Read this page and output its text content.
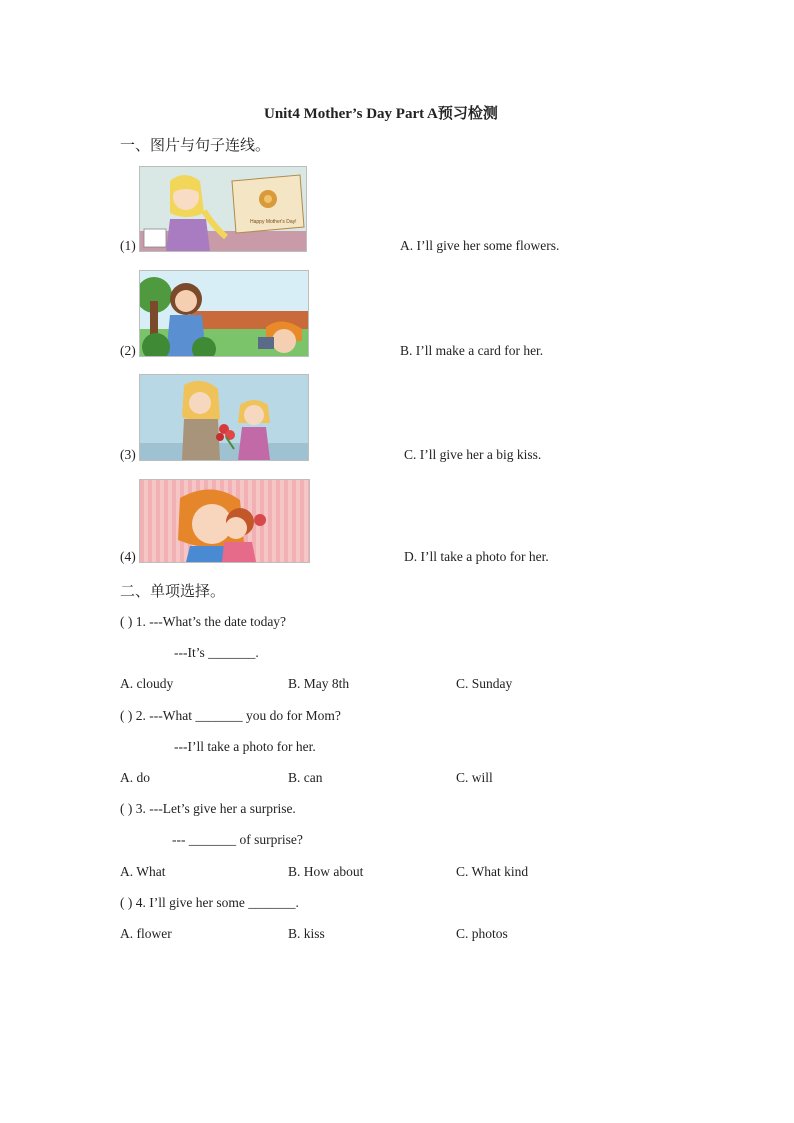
Unit4 Mother’s Day Part A预习检测
一、图片与句子连线。
Happy Mother's Day!
(1)	A. I’ll give her some flowers.
(2)	B. I’ll make a card for her.
(3)	C. I’ll give her a big kiss.
(4)	D. I’ll take a photo for her.
二、单项选择。
( ) 1. ---What’s the date today?
---It’s _______.
A. cloudy	B. May 8th	C. Sunday
( ) 2. ---What _______ you do for Mom?
---I’ll take a photo for her.
A. do	B. can	C. will
( ) 3. ---Let’s give her a surprise.
--- _______ of surprise?
A. What	B. How about	C. What kind
( ) 4. I’ll give her some _______.
A. flower	B. kiss	C. photos
